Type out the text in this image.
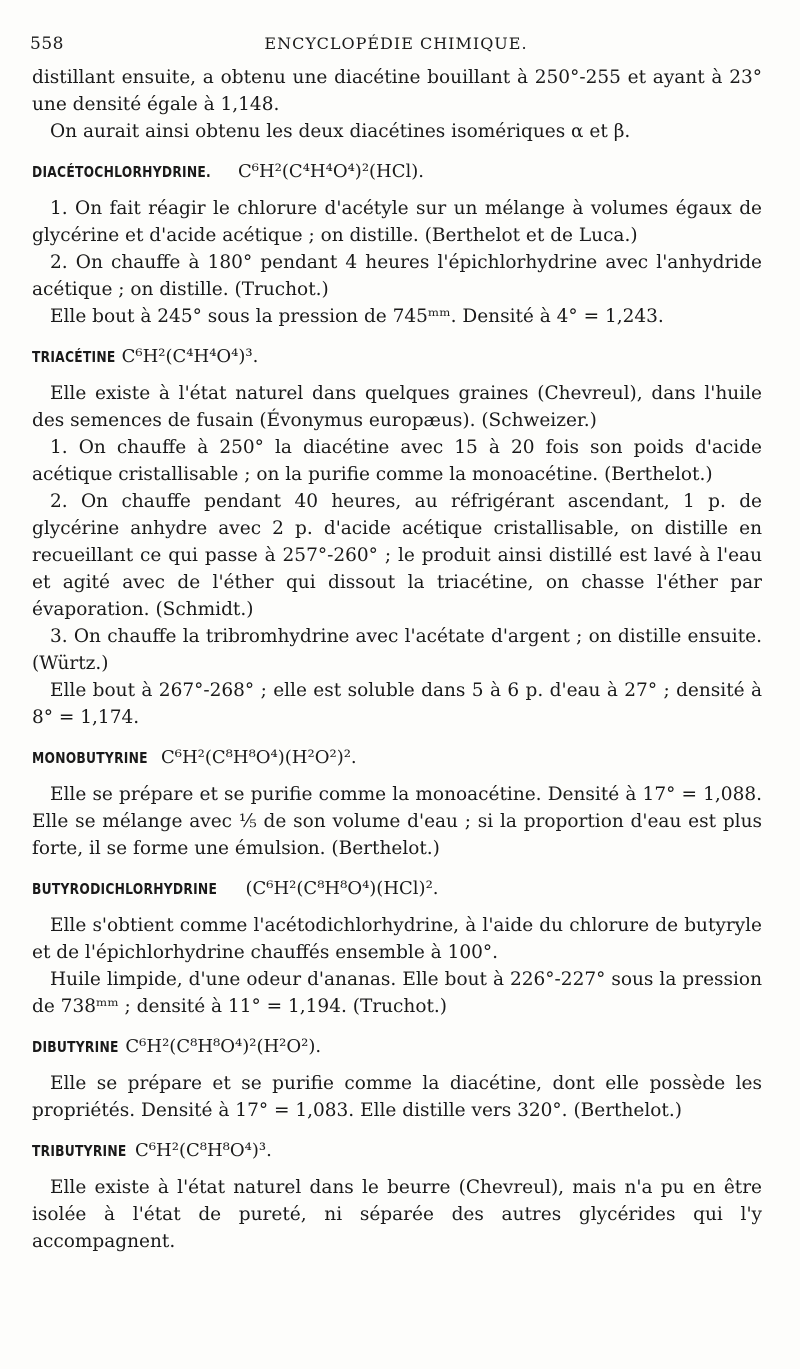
558	ENCYCLOPÉDIE CHIMIQUE.

distillant ensuite, a obtenu une diacétine bouillant à 250°-255 et ayant à 23° une densité égale à 1,148.

On aurait ainsi obtenu les deux diacétines isomériques α et β.

DIACÉTOCHLORHYDRINE. C⁶H²(C⁴H⁴O⁴)²(HCl).

1. On fait réagir le chlorure d'acétyle sur un mélange à volumes égaux de glycérine et d'acide acétique ; on distille. (Berthelot et de Luca.)

2. On chauffe à 180° pendant 4 heures l'épichlorhydrine avec l'anhydride acétique ; on distille. (Truchot.)

Elle bout à 245° sous la pression de 745ᵐᵐ. Densité à 4° = 1,243.

TRIACÉTINE C⁶H²(C⁴H⁴O⁴)³.

Elle existe à l'état naturel dans quelques graines (Chevreul), dans l'huile des semences de fusain (Évonymus europæus). (Schweizer.)

1. On chauffe à 250° la diacétine avec 15 à 20 fois son poids d'acide acétique cristallisable ; on la purifie comme la monoacétine. (Berthelot.)

2. On chauffe pendant 40 heures, au réfrigérant ascendant, 1 p. de glycérine anhydre avec 2 p. d'acide acétique cristallisable, on distille en recueillant ce qui passe à 257°-260° ; le produit ainsi distillé est lavé à l'eau et agité avec de l'éther qui dissout la triacétine, on chasse l'éther par évaporation. (Schmidt.)

3. On chauffe la tribromhydrine avec l'acétate d'argent ; on distille ensuite. (Würtz.)

Elle bout à 267°-268° ; elle est soluble dans 5 à 6 p. d'eau à 27° ; densité à 8° = 1,174.

MONOBUTYRINE C⁶H²(C⁸H⁸O⁴)(H²O²)².

Elle se prépare et se purifie comme la monoacétine. Densité à 17° = 1,088. Elle se mélange avec ⅕ de son volume d'eau ; si la proportion d'eau est plus forte, il se forme une émulsion. (Berthelot.)

BUTYRODICHLORHYDRINE (C⁶H²(C⁸H⁸O⁴)(HCl)².

Elle s'obtient comme l'acétodichlorhydrine, à l'aide du chlorure de butyryle et de l'épichlorhydrine chauffés ensemble à 100°.

Huile limpide, d'une odeur d'ananas. Elle bout à 226°-227° sous la pression de 738ᵐᵐ ; densité à 11° = 1,194. (Truchot.)

DIBUTYRINE C⁶H²(C⁸H⁸O⁴)²(H²O²).

Elle se prépare et se purifie comme la diacétine, dont elle possède les propriétés. Densité à 17° = 1,083. Elle distille vers 320°. (Berthelot.)

TRIBUTYRINE C⁶H²(C⁸H⁸O⁴)³.

Elle existe à l'état naturel dans le beurre (Chevreul), mais n'a pu en être isolée à l'état de pureté, ni séparée des autres glycérides qui l'y accompagnent.
